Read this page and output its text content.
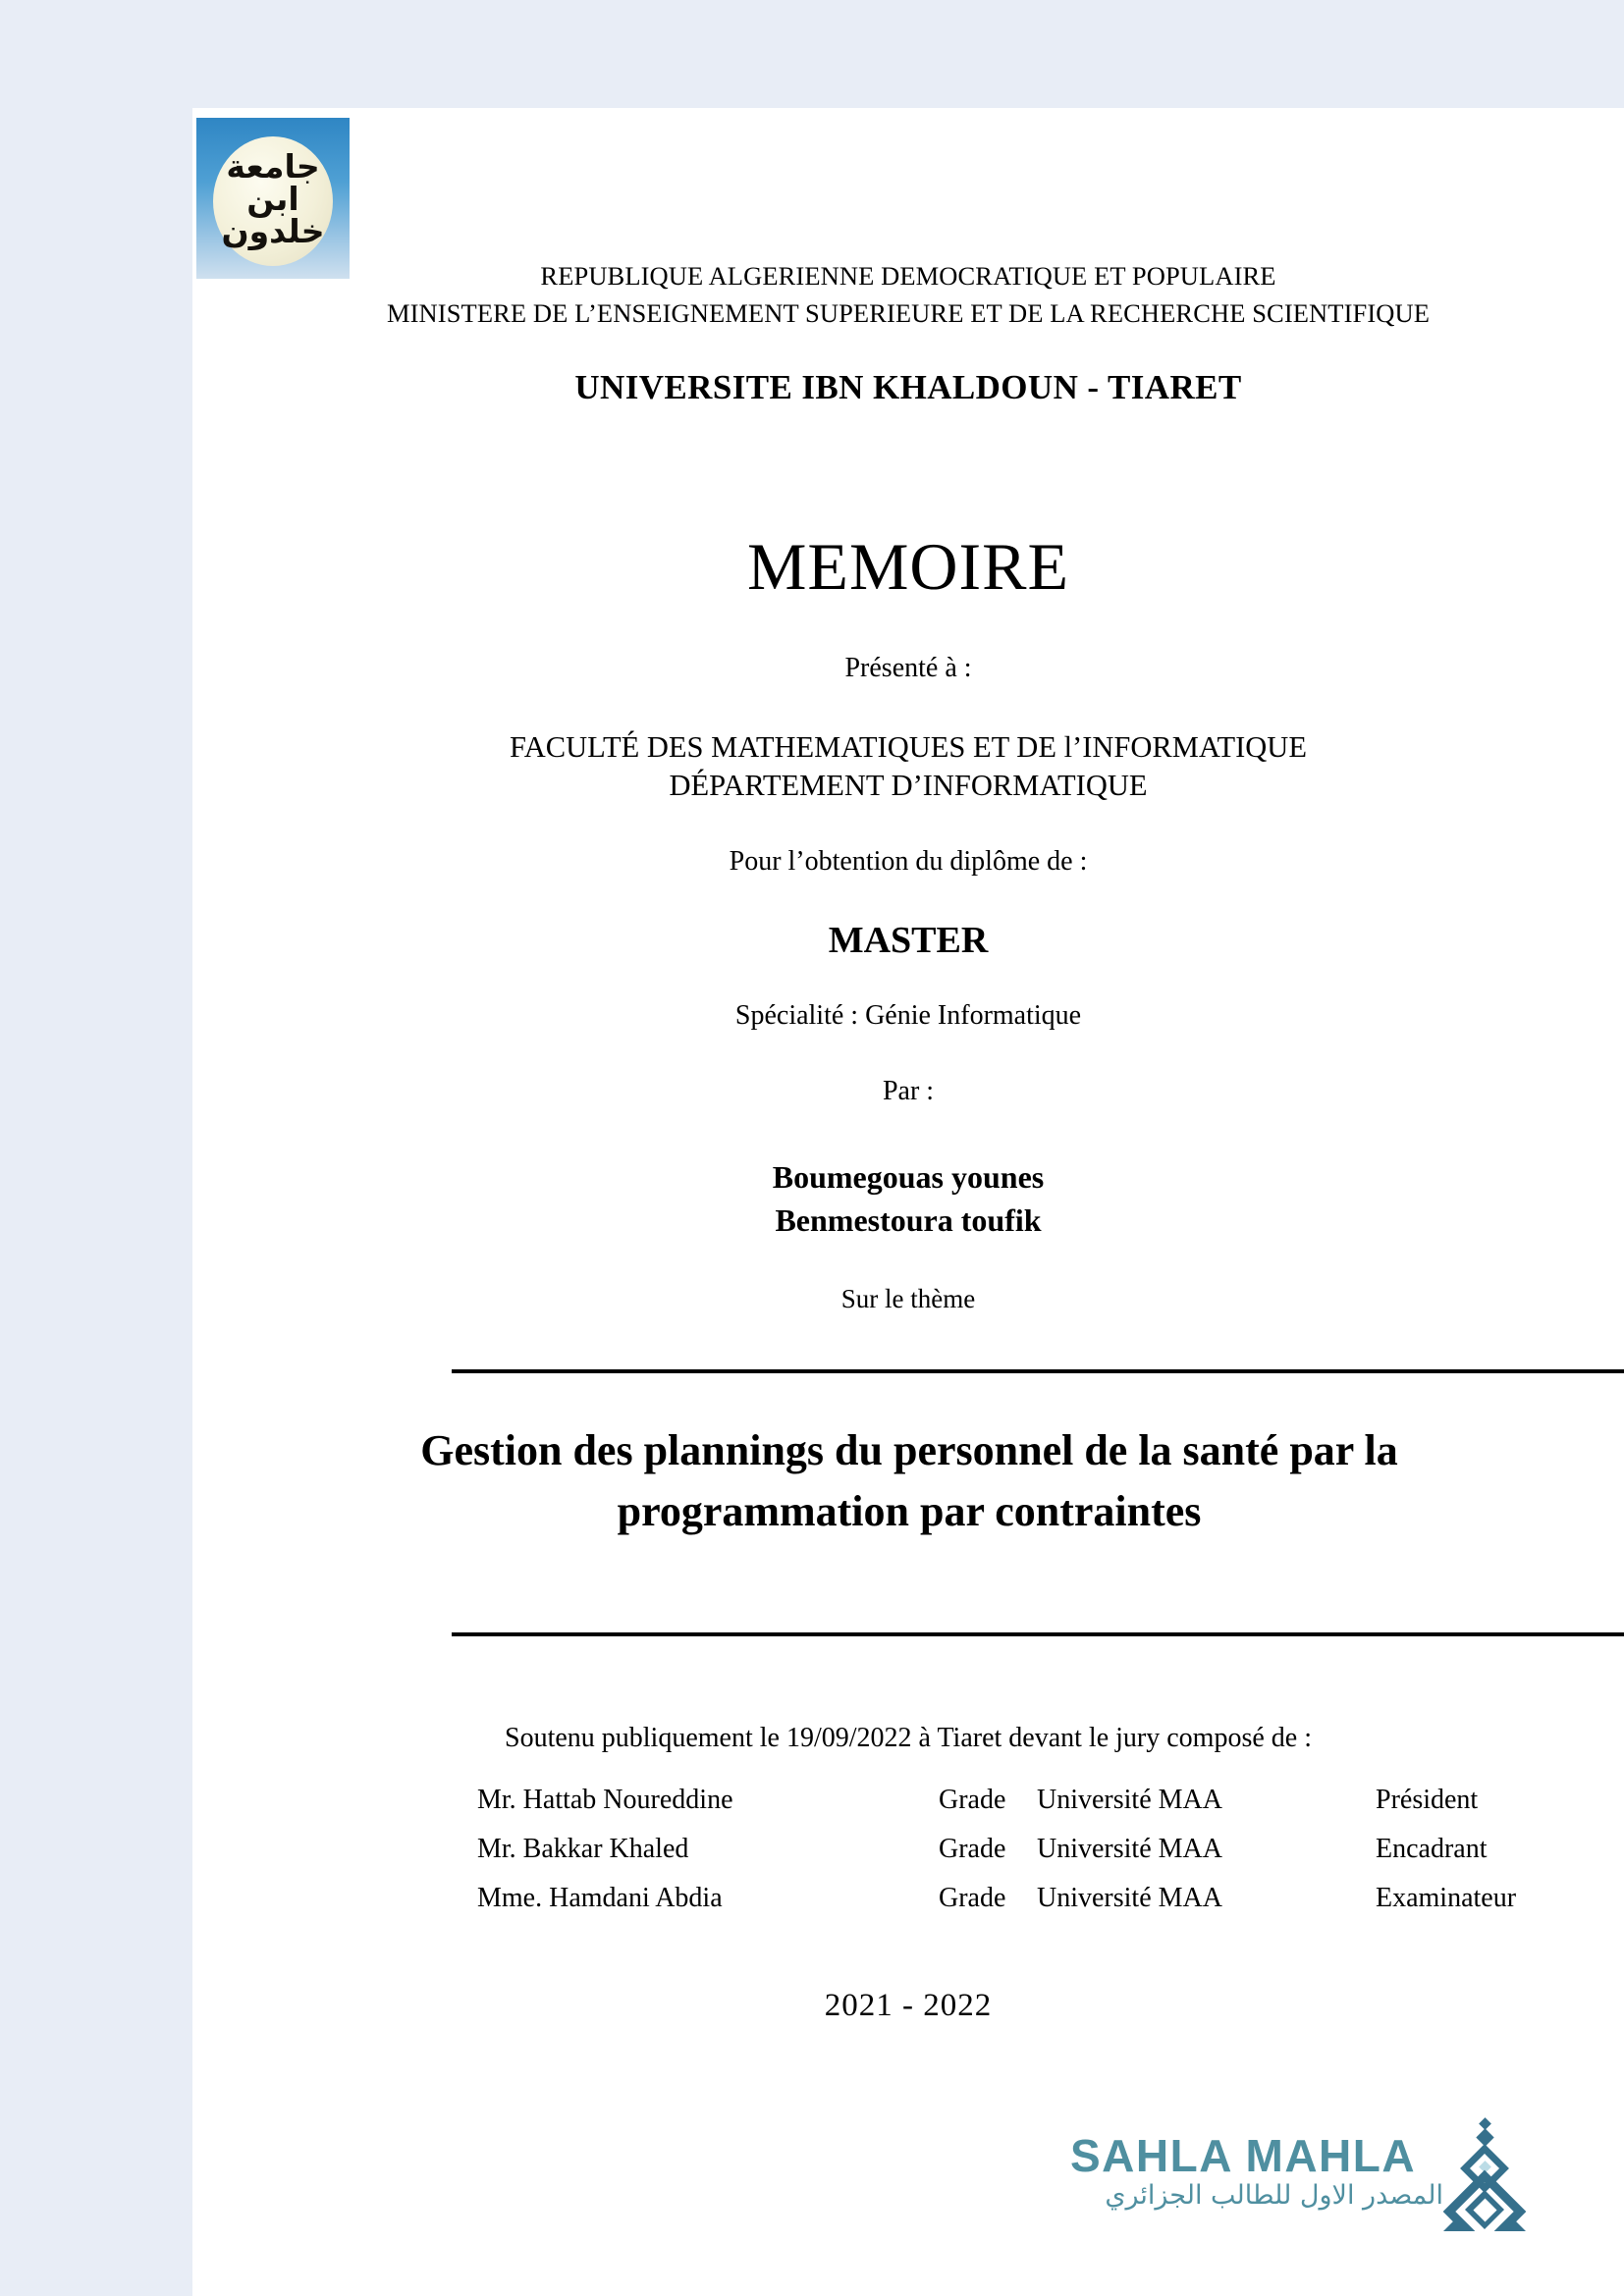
جامعة ابن خلدون
REPUBLIQUE ALGERIENNE DEMOCRATIQUE ET POPULAIRE
MINISTERE DE L’ENSEIGNEMENT SUPERIEURE ET DE LA RECHERCHE SCIENTIFIQUE
UNIVERSITE IBN KHALDOUN - TIARET
MEMOIRE
Présenté à :
FACULTÉ DES MATHEMATIQUES ET DE l’INFORMATIQUE
DÉPARTEMENT D’INFORMATIQUE
Pour l’obtention du diplôme de :
MASTER
Spécialité : Génie Informatique
Par :
Boumegouas younes
Benmestoura toufik
Sur le thème
Gestion des plannings du personnel de la santé par la
programmation par contraintes
Soutenu publiquement le 19/09/2022 à Tiaret devant le jury composé de :
Mr. Hattab Noureddine	Grade	Université MAA	Président
Mr. Bakkar Khaled	Grade	Université MAA	Encadrant
Mme. Hamdani Abdia	Grade	Université MAA	Examinateur
2021 - 2022
SAHLA MAHLA
المصدر الاول للطالب الجزائري
